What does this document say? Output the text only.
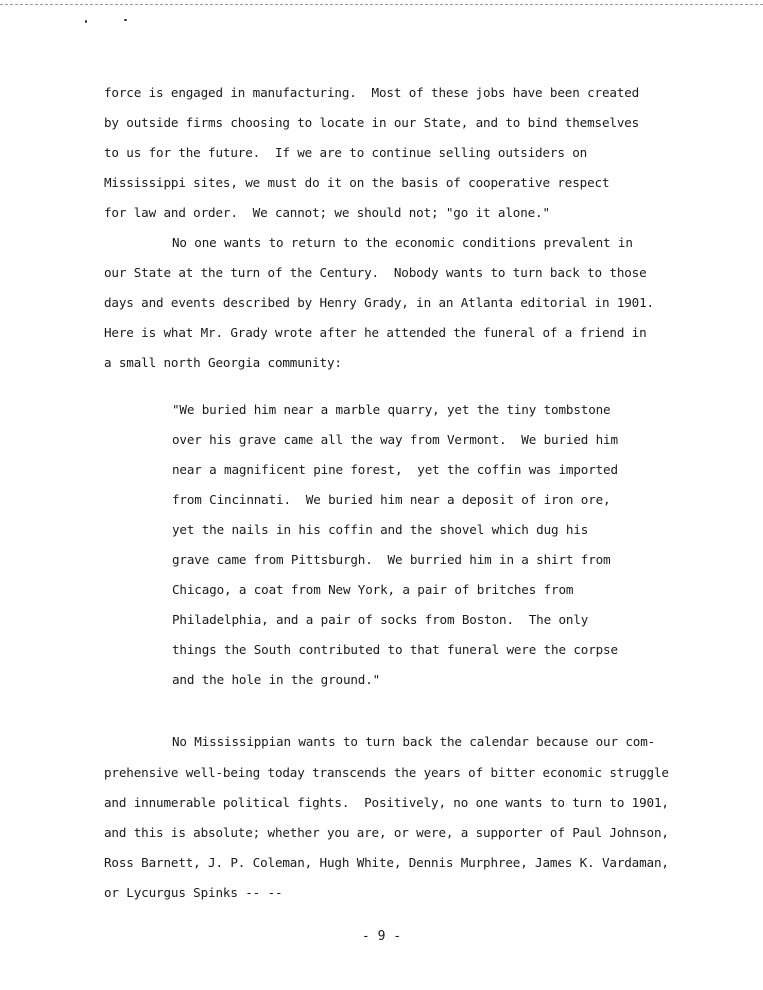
force is engaged in manufacturing.  Most of these jobs have been created
by outside firms choosing to locate in our State, and to bind themselves
to us for the future.  If we are to continue selling outsiders on
Mississippi sites, we must do it on the basis of cooperative respect
for law and order.  We cannot; we should not; "go it alone."
No one wants to return to the economic conditions prevalent in
our State at the turn of the Century.  Nobody wants to turn back to those
days and events described by Henry Grady, in an Atlanta editorial in 1901.
Here is what Mr. Grady wrote after he attended the funeral of a friend in
a small north Georgia community:
"We buried him near a marble quarry, yet the tiny tombstone
over his grave came all the way from Vermont.  We buried him
near a magnificent pine forest,  yet the coffin was imported
from Cincinnati.  We buried him near a deposit of iron ore,
yet the nails in his coffin and the shovel which dug his
grave came from Pittsburgh.  We burried him in a shirt from
Chicago, a coat from New York, a pair of britches from
Philadelphia, and a pair of socks from Boston.  The only
things the South contributed to that funeral were the corpse
and the hole in the ground."
No Mississippian wants to turn back the calendar because our com-
prehensive well-being today transcends the years of bitter economic struggle
and innumerable political fights.  Positively, no one wants to turn to 1901,
and this is absolute; whether you are, or were, a supporter of Paul Johnson,
Ross Barnett, J. P. Coleman, Hugh White, Dennis Murphree, James K. Vardaman,
or Lycurgus Spinks -- --
- 9 -
